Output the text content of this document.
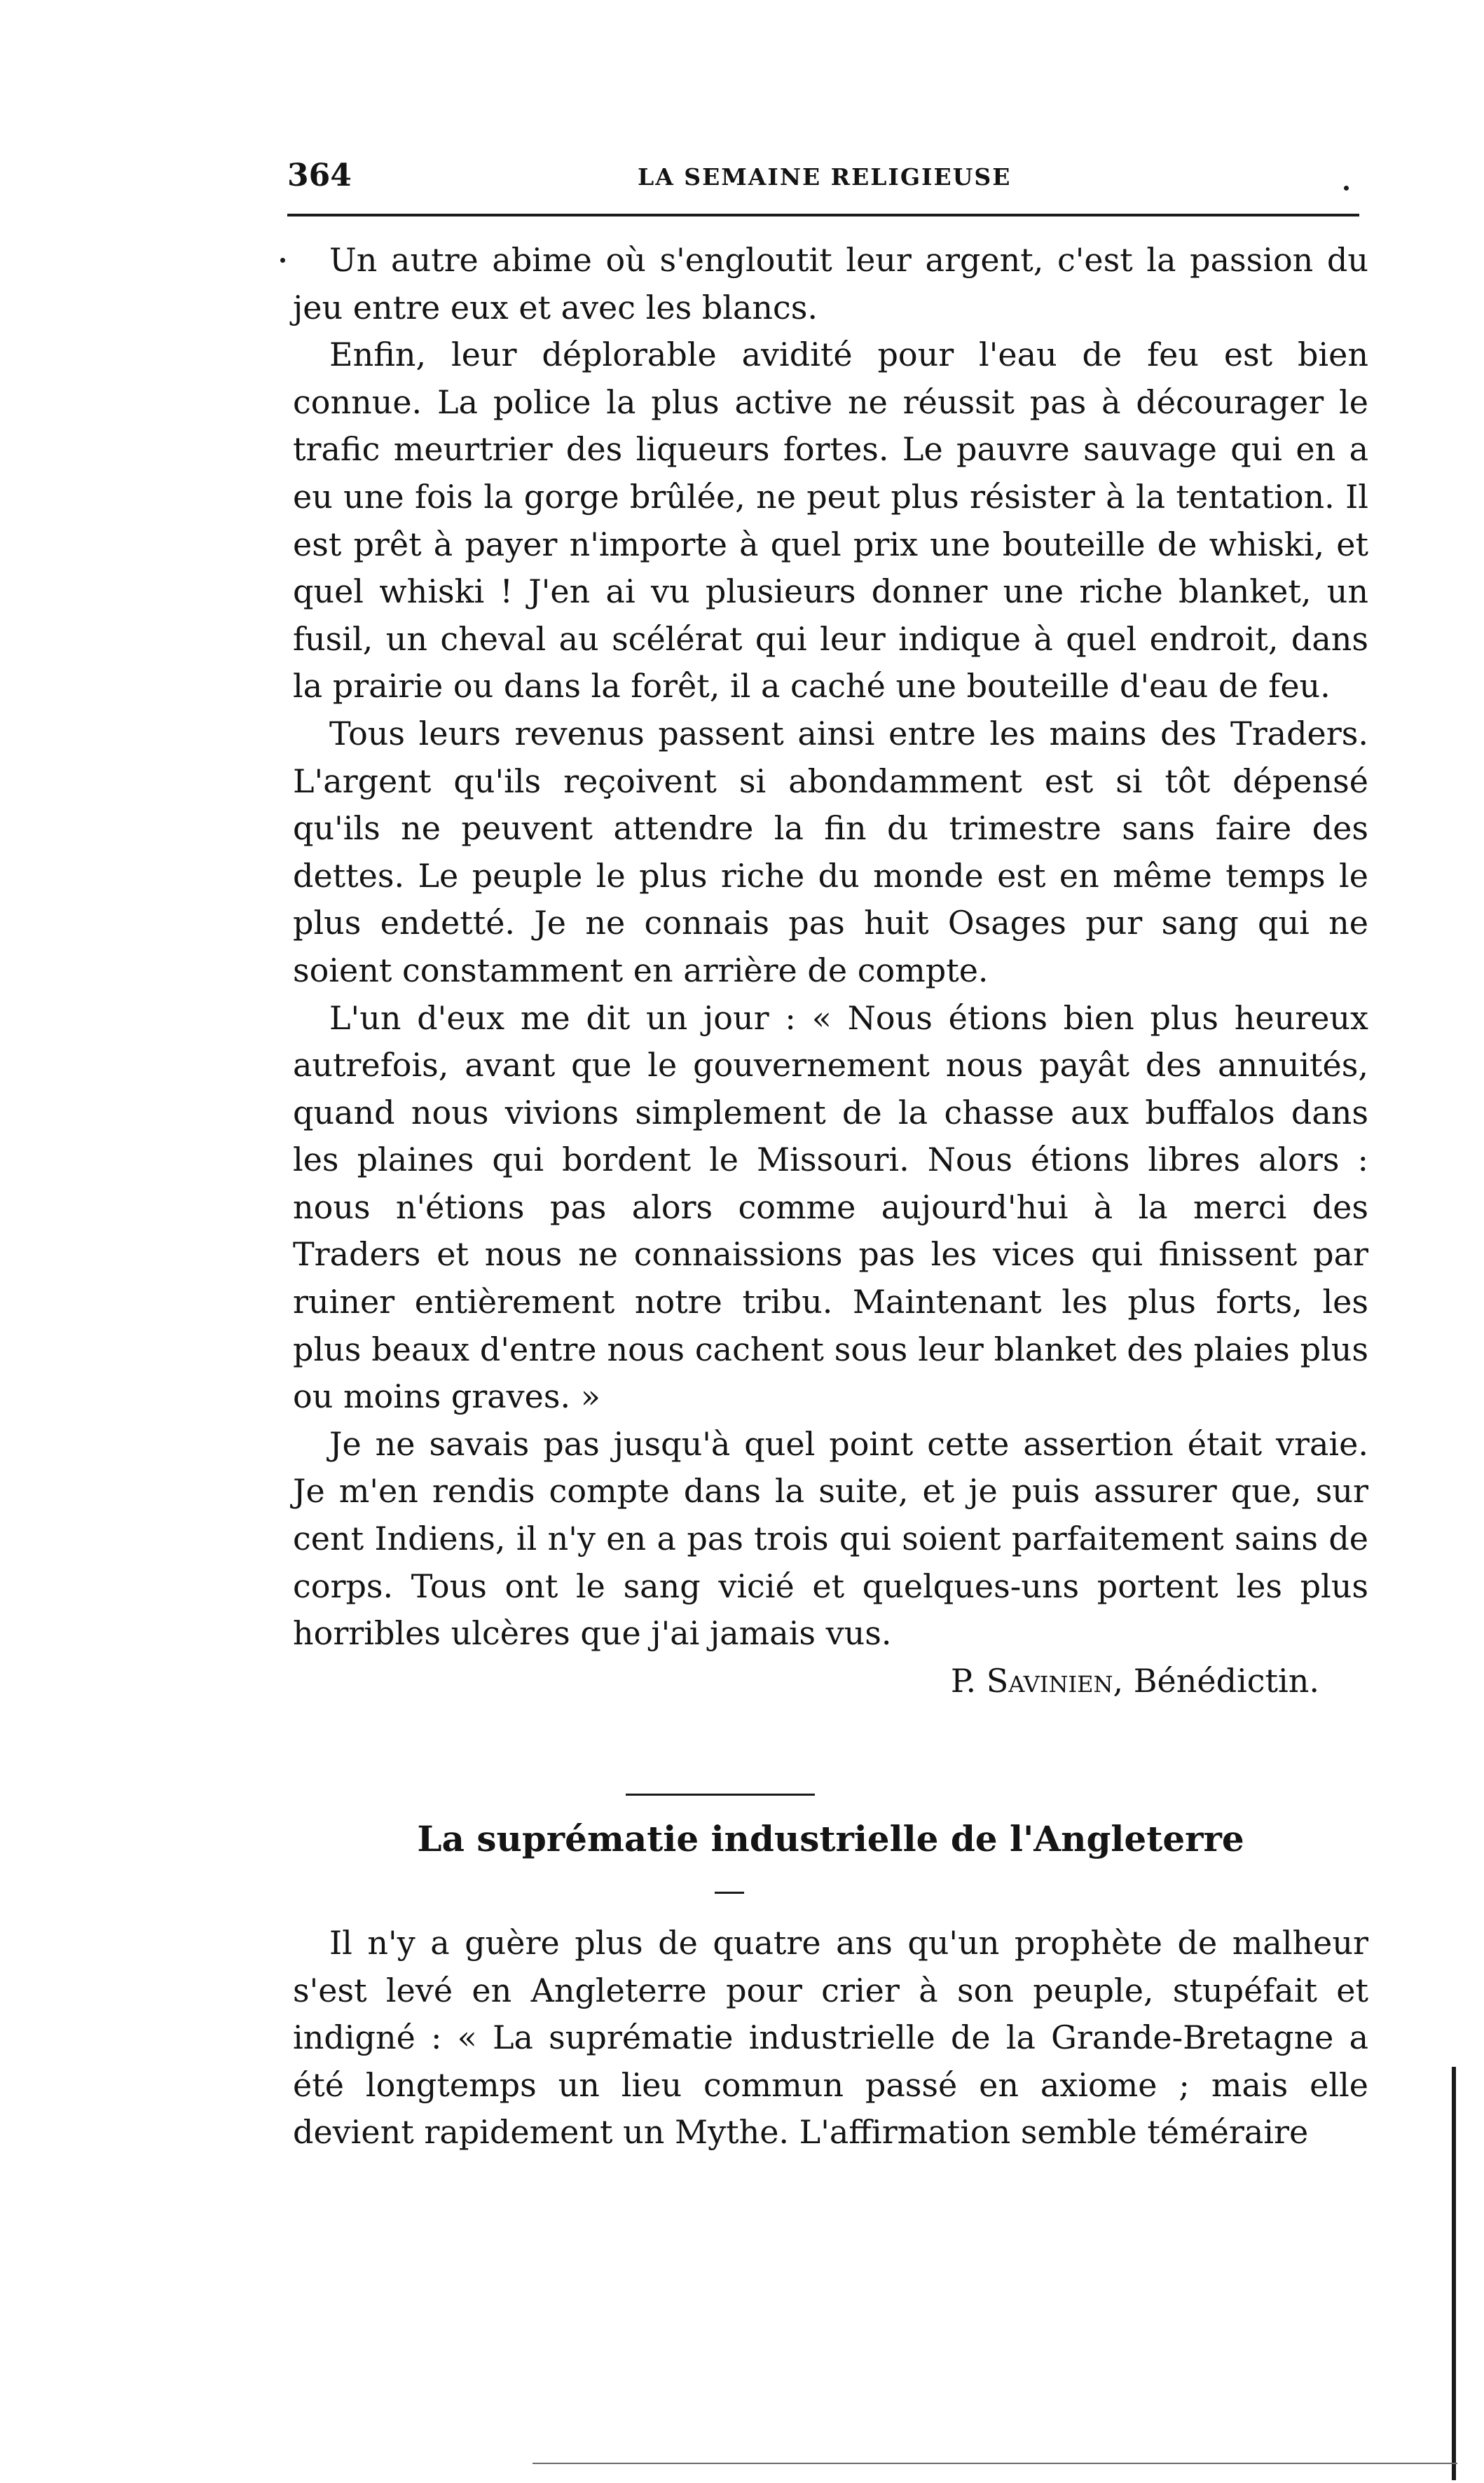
364	LA SEMAINE RELIGIEUSE

Un autre abime où s'engloutit leur argent, c'est la passion du jeu entre eux et avec les blancs.

Enfin, leur déplorable avidité pour l'eau de feu est bien connue. La police la plus active ne réussit pas à décourager le trafic meurtrier des liqueurs fortes. Le pauvre sauvage qui en a eu une fois la gorge brûlée, ne peut plus résister à la tentation. Il est prêt à payer n'importe à quel prix une bouteille de whiski, et quel whiski ! J'en ai vu plusieurs donner une riche blanket, un fusil, un cheval au scélérat qui leur indique à quel endroit, dans la prairie ou dans la forêt, il a caché une bouteille d'eau de feu.

Tous leurs revenus passent ainsi entre les mains des Traders. L'argent qu'ils reçoivent si abondamment est si tôt dépensé qu'ils ne peuvent attendre la fin du trimestre sans faire des dettes. Le peuple le plus riche du monde est en même temps le plus endetté. Je ne connais pas huit Osages pur sang qui ne soient constamment en arrière de compte.

L'un d'eux me dit un jour : « Nous étions bien plus heureux autrefois, avant que le gouvernement nous payât des annuités, quand nous vivions simplement de la chasse aux buffalos dans les plaines qui bordent le Missouri. Nous étions libres alors : nous n'étions pas alors comme aujourd'hui à la merci des Traders et nous ne connaissions pas les vices qui finissent par ruiner entièrement notre tribu. Maintenant les plus forts, les plus beaux d'entre nous cachent sous leur blanket des plaies plus ou moins graves. »

Je ne savais pas jusqu'à quel point cette assertion était vraie. Je m'en rendis compte dans la suite, et je puis assurer que, sur cent Indiens, il n'y en a pas trois qui soient parfaitement sains de corps. Tous ont le sang vicié et quelques-uns portent les plus horribles ulcères que j'ai jamais vus.

P. Savinien, Bénédictin.

La suprématie industrielle de l'Angleterre

Il n'y a guère plus de quatre ans qu'un prophète de malheur s'est levé en Angleterre pour crier à son peuple, stupéfait et indigné : « La suprématie industrielle de la Grande-Bretagne a été longtemps un lieu commun passé en axiome ; mais elle devient rapidement un Mythe. L'affirmation semble téméraire
